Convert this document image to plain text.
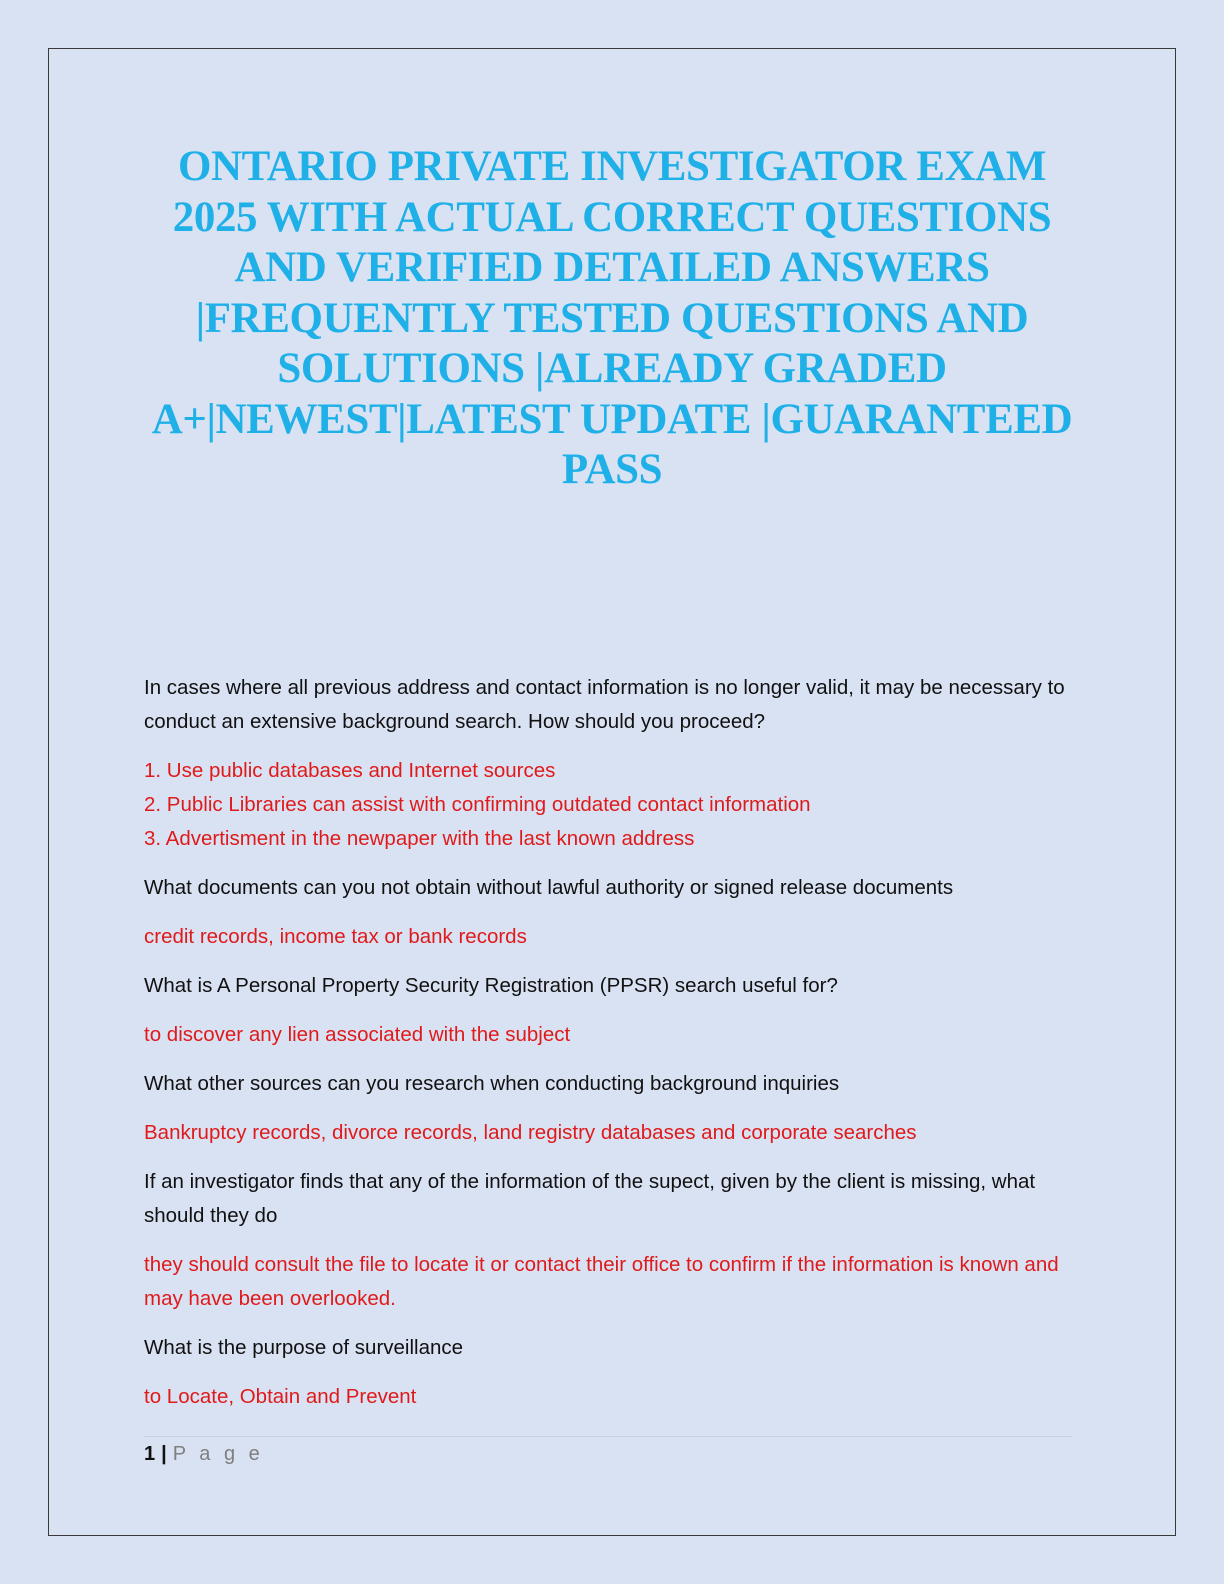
ONTARIO PRIVATE INVESTIGATOR EXAM
2025 WITH ACTUAL CORRECT QUESTIONS
AND VERIFIED DETAILED ANSWERS
|FREQUENTLY TESTED QUESTIONS AND
SOLUTIONS |ALREADY GRADED
A+|NEWEST|LATEST UPDATE |GUARANTEED
PASS

In cases where all previous address and contact information is no longer valid, it may be necessary to conduct an extensive background search. How should you proceed?

1. Use public databases and Internet sources
2. Public Libraries can assist with confirming outdated contact information
3. Advertisment in the newpaper with the last known address

What documents can you not obtain without lawful authority or signed release documents

credit records, income tax or bank records

What is A Personal Property Security Registration (PPSR) search useful for?

to discover any lien associated with the subject

What other sources can you research when conducting background inquiries

Bankruptcy records, divorce records, land registry databases and corporate searches

If an investigator finds that any of the information of the supect, given by the client is missing, what should they do

they should consult the file to locate it or contact their office to confirm if the information is known and may have been overlooked.

What is the purpose of surveillance

to Locate, Obtain and Prevent

1 | P a g e
